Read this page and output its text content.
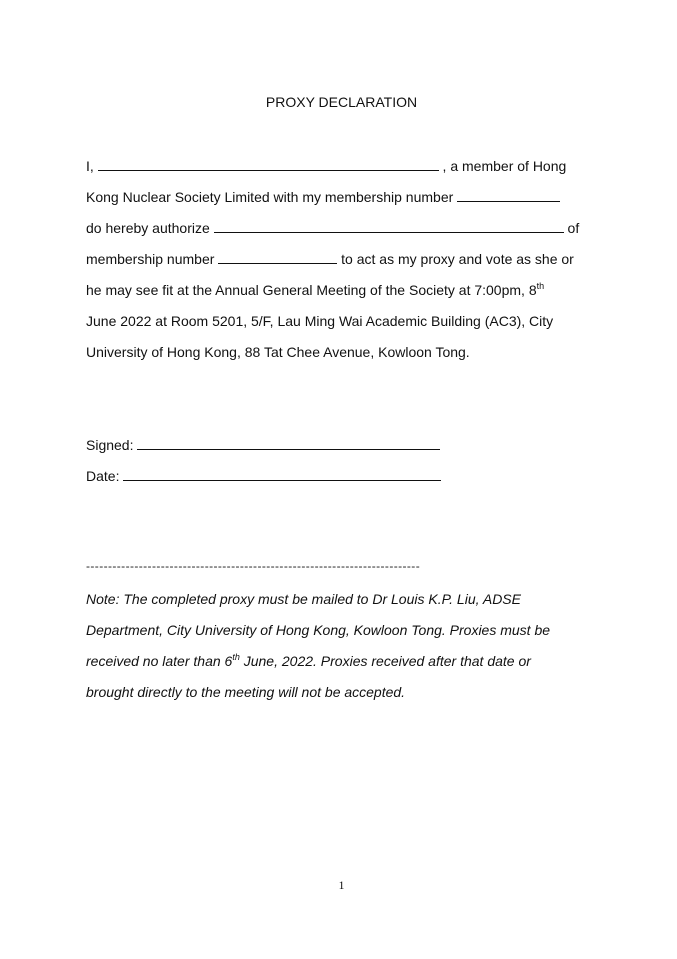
PROXY DECLARATION
I,	, a member of Hong
Kong Nuclear Society Limited with my membership number
do hereby authorize	of
membership number	to act as my proxy and vote as she or
he may see fit at the Annual General Meeting of the Society at 7:00pm, 8th
June 2022 at Room 5201, 5/F, Lau Ming Wai Academic Building (AC3), City
University of Hong Kong, 88 Tat Chee Avenue, Kowloon Tong.
Signed:
Date:
----------------------------------------------------------------------------
Note: The completed proxy must be mailed to Dr Louis K.P. Liu, ADSE
Department, City University of Hong Kong, Kowloon Tong. Proxies must be
received no later than 6th June, 2022. Proxies received after that date or
brought directly to the meeting will not be accepted.
1
